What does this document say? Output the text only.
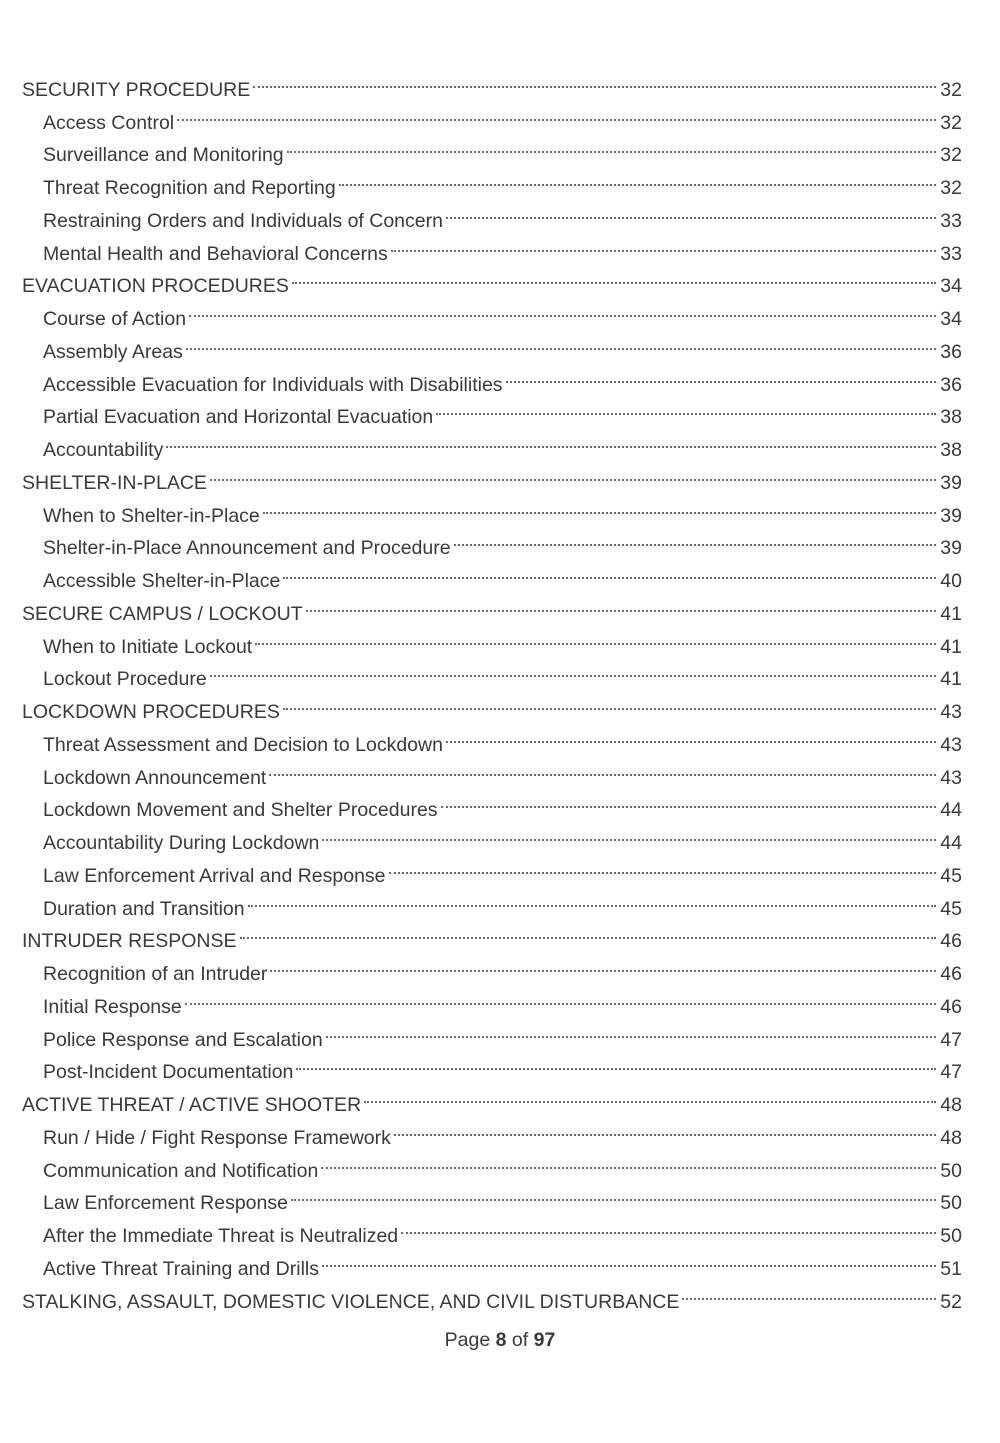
SECURITY PROCEDURE	32
Access Control	32
Surveillance and Monitoring	32
Threat Recognition and Reporting	32
Restraining Orders and Individuals of Concern	33
Mental Health and Behavioral Concerns	33
EVACUATION PROCEDURES	34
Course of Action	34
Assembly Areas	36
Accessible Evacuation for Individuals with Disabilities	36
Partial Evacuation and Horizontal Evacuation	38
Accountability	38
SHELTER-IN-PLACE	39
When to Shelter-in-Place	39
Shelter-in-Place Announcement and Procedure	39
Accessible Shelter-in-Place	40
SECURE CAMPUS / LOCKOUT	41
When to Initiate Lockout	41
Lockout Procedure	41
LOCKDOWN PROCEDURES	43
Threat Assessment and Decision to Lockdown	43
Lockdown Announcement	43
Lockdown Movement and Shelter Procedures	44
Accountability During Lockdown	44
Law Enforcement Arrival and Response	45
Duration and Transition	45
INTRUDER RESPONSE	46
Recognition of an Intruder	46
Initial Response	46
Police Response and Escalation	47
Post-Incident Documentation	47
ACTIVE THREAT / ACTIVE SHOOTER	48
Run / Hide / Fight Response Framework	48
Communication and Notification	50
Law Enforcement Response	50
After the Immediate Threat is Neutralized	50
Active Threat Training and Drills	51
STALKING, ASSAULT, DOMESTIC VIOLENCE, AND CIVIL DISTURBANCE	52
Page 8 of 97
